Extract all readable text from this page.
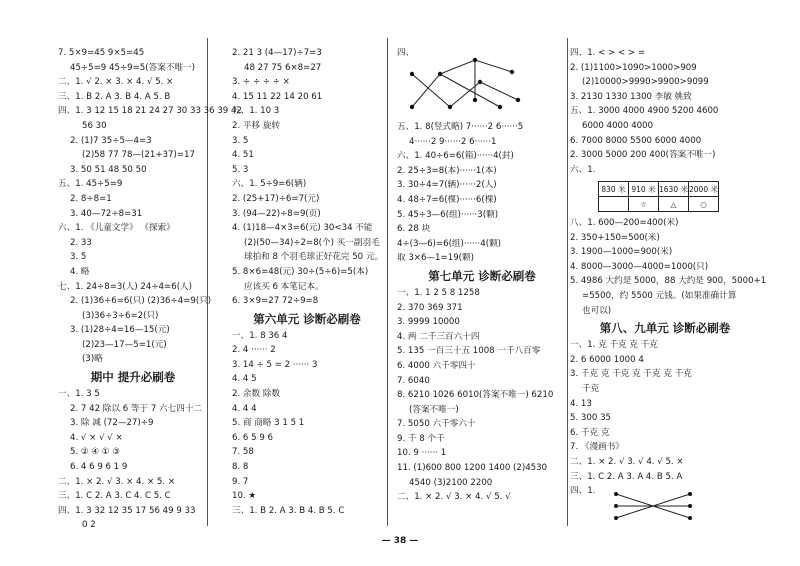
7. 5×9=45 9×5=45
45÷5=9 45÷9=5(答案不唯一)
二、1. √ 2. × 3. × 4. √ 5. ×
三、1. B 2. A 3. B 4. A 5. B
四、1. 3 12 15 18 21 24 27 30 33 36 39 42
56 30
2. (1)7 35÷5—4=3
(2)58 77 78—(21+37)=17
3. 50 51 48 50 50
五、1. 45÷5=9
2. 8÷8=1
3. 40—72÷8=31
六、1. 《儿童文学》 《探索》
2. 33
3. 5
4. 略
七、1. 24÷8=3(人) 24÷4=6(人)
2. (1)36÷6=6(只) (2)36÷4=9(只)
(3)36÷3÷6=2(只)
3. (1)28÷4=16—15(元)
(2)23—17—5=1(元)
(3)略
期中 提升必刷卷
一、1. 3 5
2. 7 42 除以 6 等于 7 六七四十二
3. 除 减 (72—27)÷9
4. √ × √ √ ×
5. ② ④ ① ③
6. 4 6 9 6 1 9
二、1. × 2. √ 3. × 4. × 5. ×
三、1. C 2. A 3. C 4. C 5. C
四、1. 3 32 12 35 17 56 49 9 33
0 2
2. 21 3 (4—17)÷7=3
48 27 75 6×8=27
3. ÷ ÷ ÷ ÷ ×
4. 15 11 22 14 20 61
五、1. 10 3
2. 平移 旋转
3. 5
4. 51
5. 3
六、1. 5÷9=6(辆)
2. (25+17)÷6=7(元)
3. (94—22)÷8=9(页)
4. (1)18—4×3=6(元) 30<34 不能
(2)(50—34)÷2=8(个) 买一副羽毛
球拍和 8 个羽毛球正好花完 50 元。
5. 8×6=48(元) 30÷(5÷6)=5(本)
应该买 6 本笔记本。
6. 3×9=27 72÷9=8
第六单元 诊断必刷卷
一、1. 8 36 4
2. 4 ······ 2
3. 14 ÷ 5 = 2 ······ 3
4. 4 5
2. 余数 除数
4. 4 4
5. 商 商略 3 1 5 1
6. 6 5 9 6
7. 58
8. 8
9. 7
10. ★
三、1. B 2. A 3. B 4. B 5. C
四、
五、1. 8(竖式略) 7······2 6······5
4······2 9······2 6······1
六、1. 40÷6=6(箱)······4(封)
2. 25÷3=8(本)······1(本)
3. 30÷4=7(辆)······2(人)
4. 48÷7=6(棵)······6(棵)
5. 45÷3—6(组)······3(颗)
6. 28 块
4÷(3—6)=6(组)······4(颗)
取 3×6—1=19(颗)
第七单元 诊断必刷卷
一、1. 1 2 5 8 1258
2. 370 369 371
3. 9999 10000
4. 两 二千三百六十四
5. 135 一百三十五 1008 一千八百零
6. 4000 六千零四十
7. 6040
8. 6210 1026 6010(答案不唯一) 6210
(答案不唯一)
7. 5050 六千零六十
9. 千 8 个千
10. 9 ······ 1
11. (1)600 800 1200 1400 (2)4530
4540 (3)2100 2200
二、1. × 2. √ 3. × 4. √ 5. √
四、1. < > < > =
2. (1)1100>1090>1000>909
(2)10000>9990>9900>9099
3. 2130 1330 1300 李敏 姚致
五、1. 3000 4000 4900 5200 4600
6000 4000 4000
6. 7000 8000 5500 6000 4000
2. 3000 5000 200 400(答案不唯一)
六、1.
830 米	910 米	1630 米	2000 米
	☆	△	○
八、1. 600—200=400(米)
2. 350+150=500(米)
3. 1900—1000=900(米)
4. 8000—3000—4000=1000(只)
5. 4986 大约是 5000，88 大约是 900，5000+1
=5500，约 5500 元钱。(如果准确计算
也可以)
第八、九单元 诊断必刷卷
一、1. 克 千克 克 千克
2. 6 6000 1000 4
3. 千克 克 千克 克 千克 克 千克
千克
4. 13
5. 300 35
6. 千克 克
7. 《漫画书》
二、1. × 2. √ 3. √ 4. √ 5. ×
三、1. C 2. A 3. A 4. B 5. A
四、1.
— 38 —
